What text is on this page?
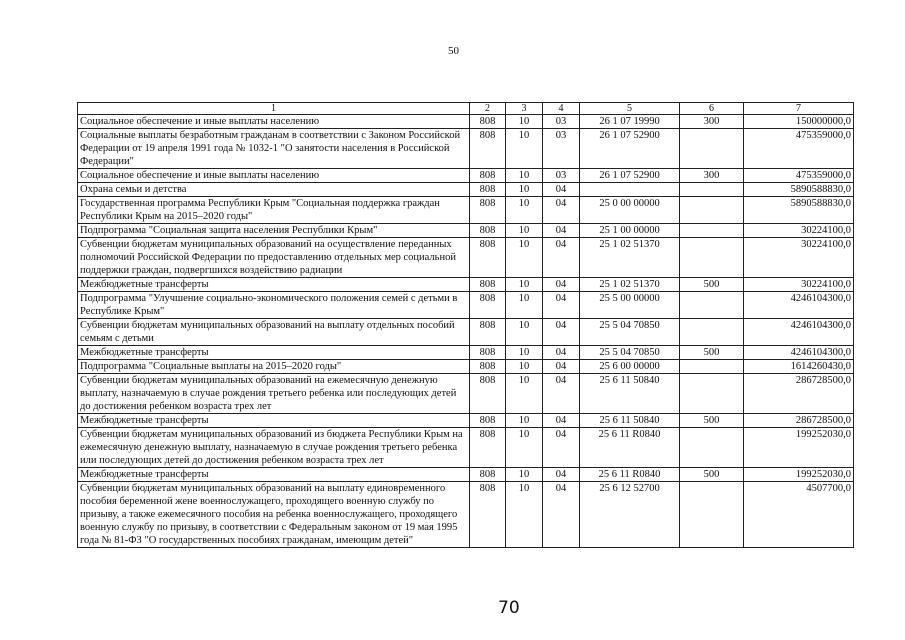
50
1	2	3	4	5	6	7
Социальное обеспечение и иные выплаты населению	808	10	03	26 1 07 19990	300	150000000,0
Социальные выплаты безработным гражданам в соответствии с Законом Российской Федерации от 19 апреля 1991 года № 1032-1 "О занятости населения в Российской Федерации"	808	10	03	26 1 07 52900		475359000,0
Социальное обеспечение и иные выплаты населению	808	10	03	26 1 07 52900	300	475359000,0
Охрана семьи и детства	808	10	04			5890588830,0
Государственная программа Республики Крым "Социальная поддержка граждан Республики Крым на 2015–2020 годы"	808	10	04	25 0 00 00000		5890588830,0
Подпрограмма "Социальная защита населения Республики Крым"	808	10	04	25 1 00 00000		30224100,0
Субвенции бюджетам муниципальных образований на осуществление переданных полномочий Российской Федерации по предоставлению отдельных мер социальной поддержки граждан, подвергшихся воздействию радиации	808	10	04	25 1 02 51370		30224100,0
Межбюджетные трансферты	808	10	04	25 1 02 51370	500	30224100,0
Подпрограмма "Улучшение социально-экономического положения семей с детьми в Республике Крым"	808	10	04	25 5 00 00000		4246104300,0
Субвенции бюджетам муниципальных образований на выплату отдельных пособий семьям с детьми	808	10	04	25 5 04 70850		4246104300,0
Межбюджетные трансферты	808	10	04	25 5 04 70850	500	4246104300,0
Подпрограмма "Социальные выплаты на 2015–2020 годы"	808	10	04	25 6 00 00000		1614260430,0
Субвенции бюджетам муниципальных образований на ежемесячную денежную выплату, назначаемую в случае рождения третьего ребенка или последующих детей до достижения ребенком возраста трех лет	808	10	04	25 6 11 50840		286728500,0
Межбюджетные трансферты	808	10	04	25 6 11 50840	500	286728500,0
Субвенции бюджетам муниципальных образований из бюджета Республики Крым на ежемесячную денежную выплату, назначаемую в случае рождения третьего ребенка или последующих детей до достижения ребенком возраста трех лет	808	10	04	25 6 11 R0840		199252030,0
Межбюджетные трансферты	808	10	04	25 6 11 R0840	500	199252030,0
Субвенции бюджетам муниципальных образований на выплату единовременного пособия беременной жене военнослужащего, проходящего военную службу по призыву, а также ежемесячного пособия на ребенка военнослужащего, проходящего военную службу по призыву, в соответствии с Федеральным законом от 19 мая 1995 года № 81-ФЗ "О государственных пособиях гражданам, имеющим детей"	808	10	04	25 6 12 52700		4507700,0
70
